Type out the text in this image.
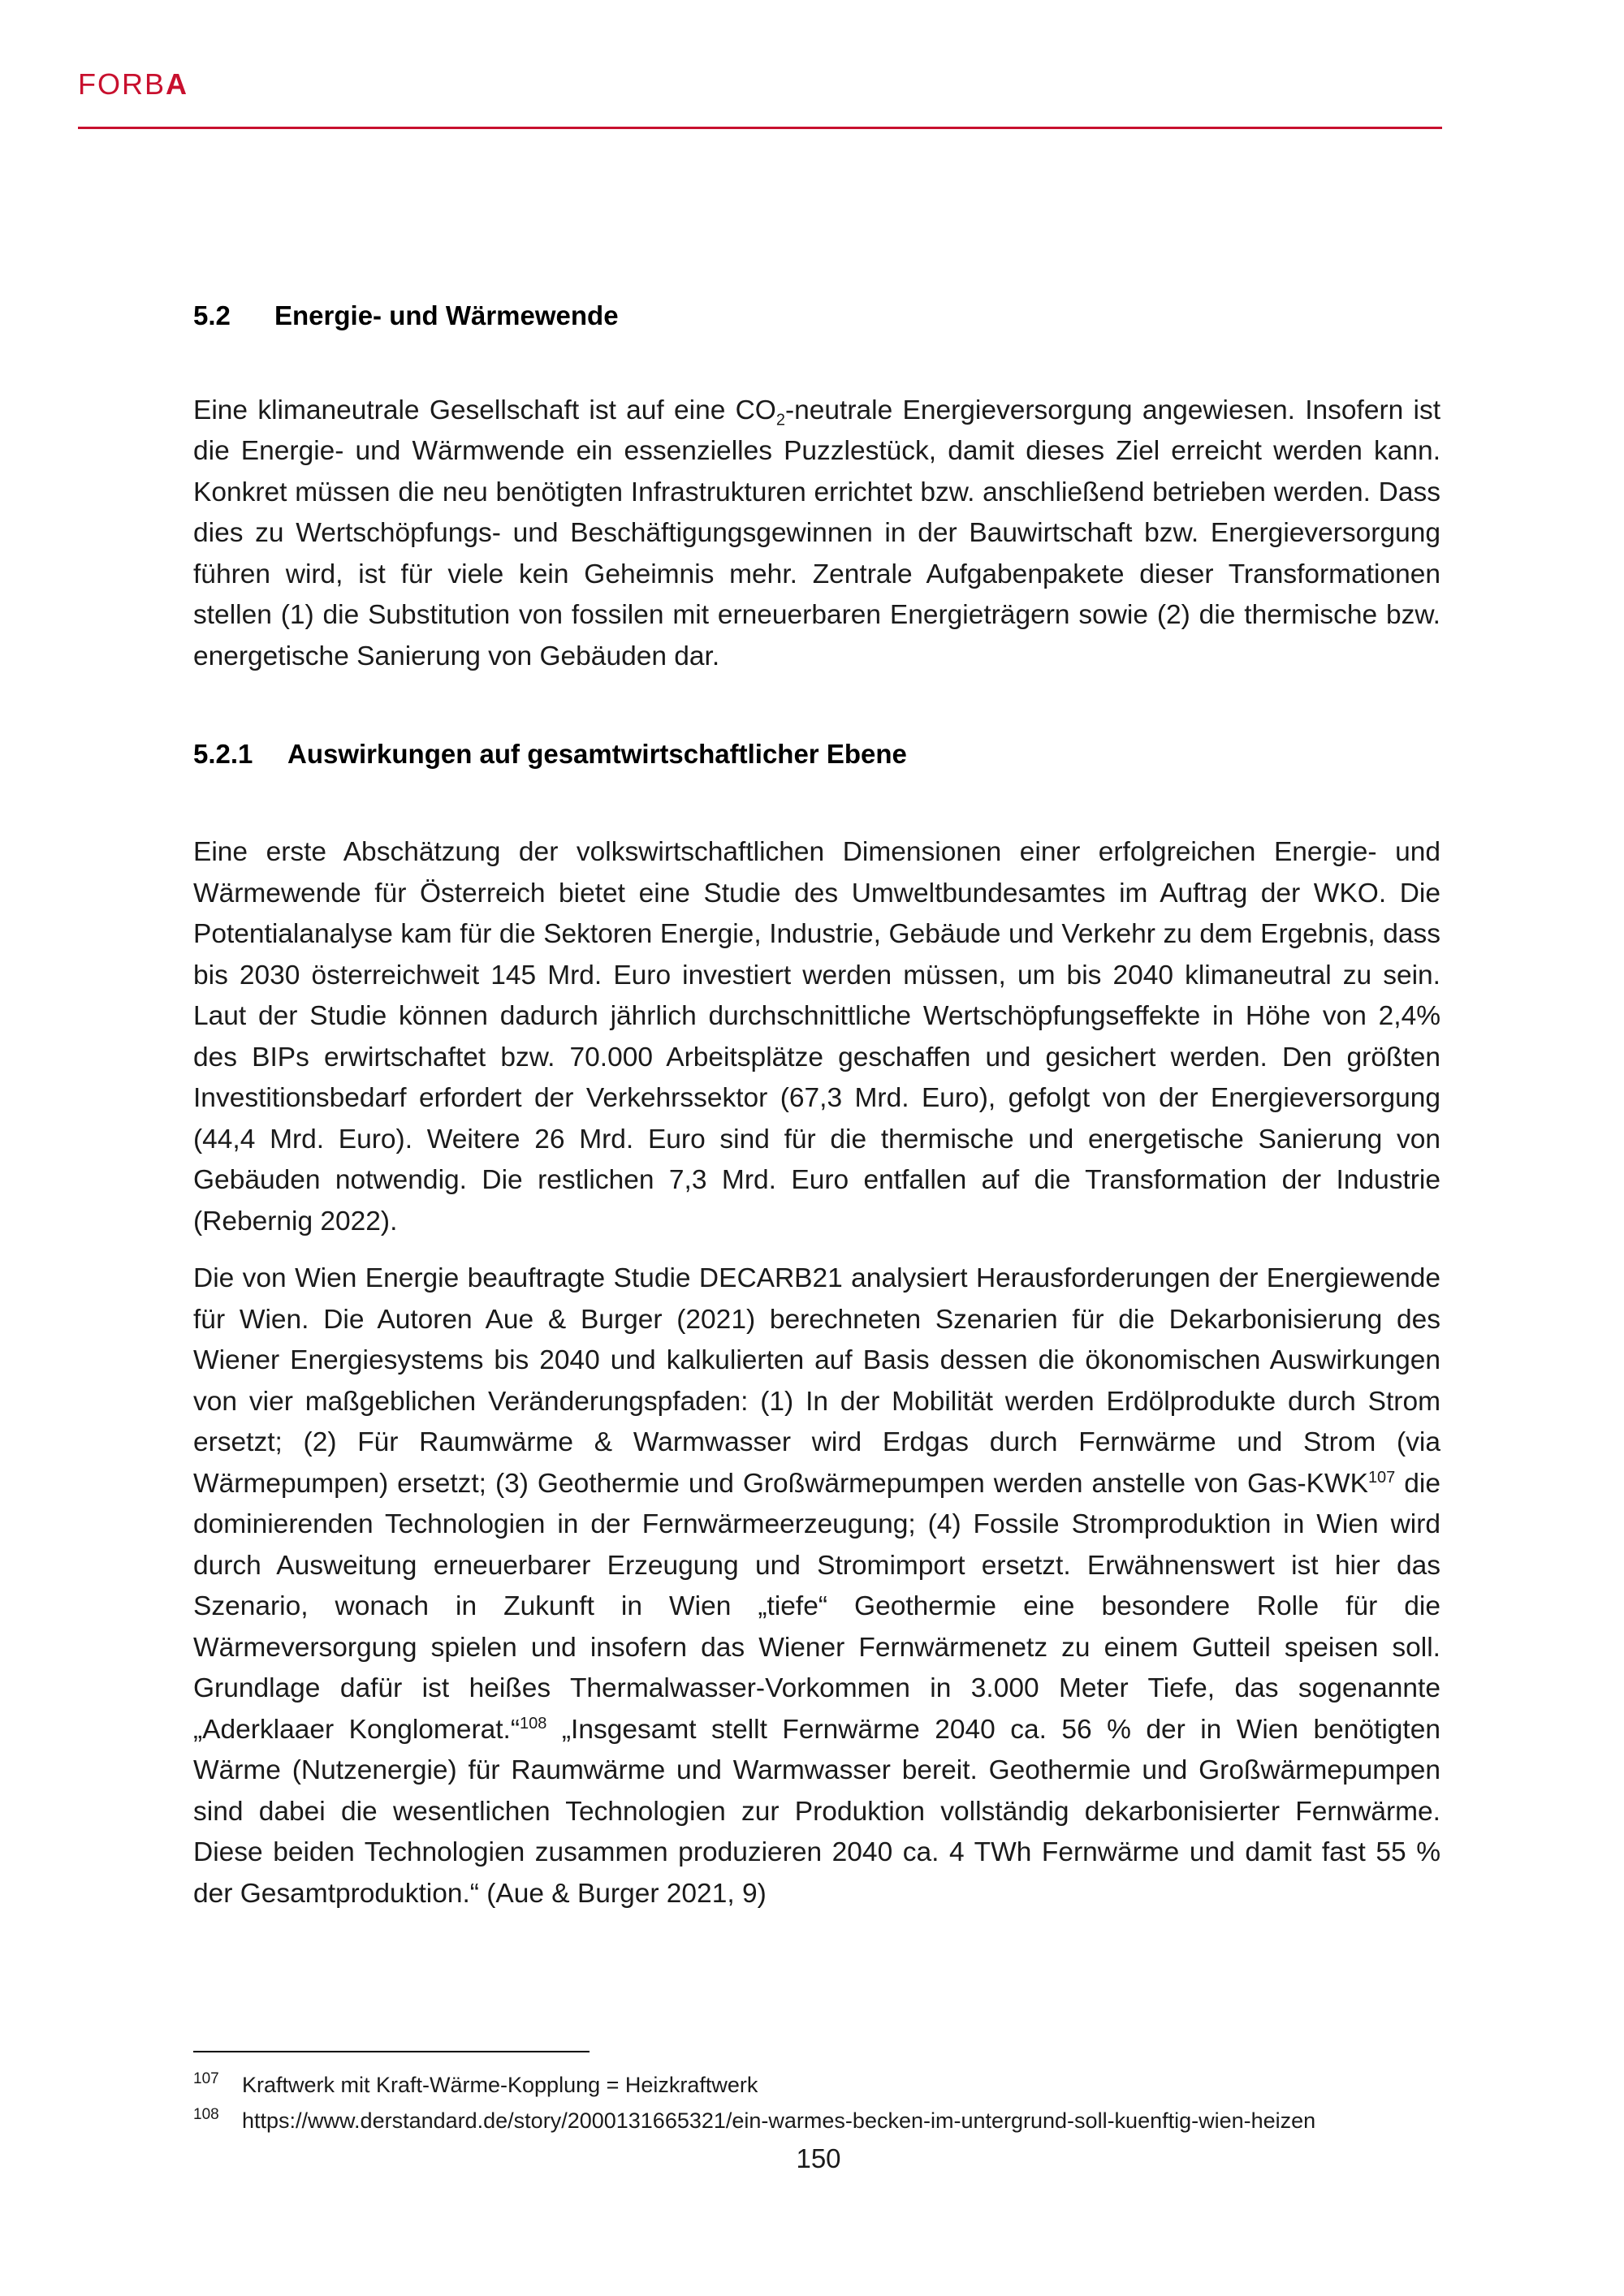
FORBA
5.2 Energie- und Wärmewende

Eine klimaneutrale Gesellschaft ist auf eine $CO_2$-neutrale Energieversorgung angewiesen. Insofern ist die Energie- und Wärmwende ein essenzielles Puzzlestück, damit dieses Ziel erreicht werden kann. Konkret müssen die neu benötigten Infrastrukturen errichtet bzw. anschließend betrieben werden. Dass dies zu Wertschöpfungs- und Beschäftigungsgewinnen in der Bauwirtschaft bzw. Energieversorgung führen wird, ist für viele kein Geheimnis mehr. Zentrale Aufgabenpakete dieser Transformationen stellen (1) die Substitution von fossilen mit erneuerbaren Energieträgern sowie (2) die thermische bzw. energetische Sanierung von Gebäuden dar.

5.2.1 Auswirkungen auf gesamtwirtschaftlicher Ebene

Eine erste Abschätzung der volkswirtschaftlichen Dimensionen einer erfolgreichen Energie- und Wärmewende für Österreich bietet eine Studie des Umweltbundesamtes im Auftrag der WKO. Die Potentialanalyse kam für die Sektoren Energie, Industrie, Gebäude und Verkehr zu dem Ergebnis, dass bis 2030 österreichweit 145 Mrd. Euro investiert werden müssen, um bis 2040 klimaneutral zu sein. Laut der Studie können dadurch jährlich durchschnittliche Wertschöpfungseffekte in Höhe von 2,4% des BIPs erwirtschaftet bzw. 70.000 Arbeitsplätze geschaffen und gesichert werden. Den größten Investitionsbedarf erfordert der Verkehrssektor (67,3 Mrd. Euro), gefolgt von der Energieversorgung (44,4 Mrd. Euro). Weitere 26 Mrd. Euro sind für die thermische und energetische Sanierung von Gebäuden notwendig. Die restlichen 7,3 Mrd. Euro entfallen auf die Transformation der Industrie (Rebernig 2022).

Die von Wien Energie beauftragte Studie DECARB21 analysiert Herausforderungen der Energiewende für Wien. Die Autoren Aue & Burger (2021) berechneten Szenarien für die Dekarbonisierung des Wiener Energiesystems bis 2040 und kalkulierten auf Basis dessen die ökonomischen Auswirkungen von vier maßgeblichen Veränderungspfaden: (1) In der Mobilität werden Erdölprodukte durch Strom ersetzt; (2) Für Raumwärme & Warmwasser wird Erdgas durch Fernwärme und Strom (via Wärmepumpen) ersetzt; (3) Geothermie und Großwärmepumpen werden anstelle von Gas-KWK$^{107}$ die dominierenden Technologien in der Fernwärmeerzeugung; (4) Fossile Stromproduktion in Wien wird durch Ausweitung erneuerbarer Erzeugung und Stromimport ersetzt. Erwähnenswert ist hier das Szenario, wonach in Zukunft in Wien „tiefe“ Geothermie eine besondere Rolle für die Wärmeversorgung spielen und insofern das Wiener Fernwärmenetz zu einem Gutteil speisen soll. Grundlage dafür ist heißes Thermalwasser-Vorkommen in 3.000 Meter Tiefe, das sogenannte „Aderklaaer Konglomerat.“$^{108}$ „Insgesamt stellt Fernwärme 2040 ca. 56 % der in Wien benötigten Wärme (Nutzenergie) für Raumwärme und Warmwasser bereit. Geothermie und Großwärmepumpen sind dabei die wesentlichen Technologien zur Produktion vollständig dekarbonisierter Fernwärme. Diese beiden Technologien zusammen produzieren 2040 ca. 4 TWh Fernwärme und damit fast 55 % der Gesamtproduktion.“ (Aue & Burger 2021, 9)

107 Kraftwerk mit Kraft-Wärme-Kopplung = Heizkraftwerk
108 https://www.derstandard.de/story/2000131665321/ein-warmes-becken-im-untergrund-soll-kuenftig-wien-heizen
150
